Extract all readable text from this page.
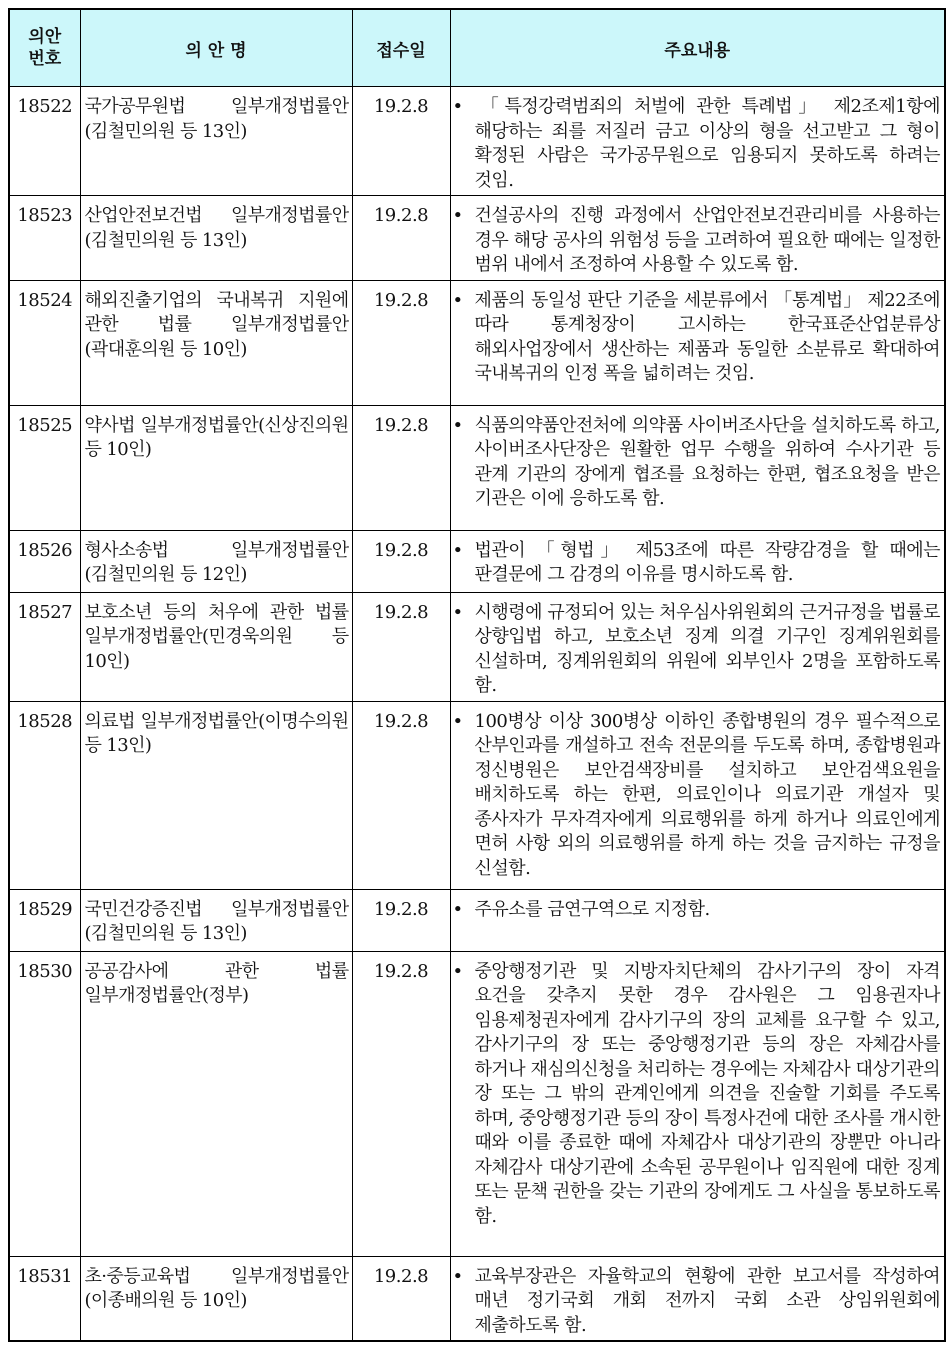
의안
번호	의 안 명	접수일	주요내용
18522	국가공무원법 일부개정법률안(김철민의원 등 13인)	19.2.8	• 「특정강력범죄의 처벌에 관한 특례법」 제2조제1항에 해당하는 죄를 저질러 금고 이상의 형을 선고받고 그 형이 확정된 사람은 국가공무원으로 임용되지 못하도록 하려는 것임.

18523	산업안전보건법 일부개정법률안(김철민의원 등 13인)	19.2.8	• 건설공사의 진행 과정에서 산업안전보건관리비를 사용하는 경우 해당 공사의 위험성 등을 고려하여 필요한 때에는 일정한 범위 내에서 조정하여 사용할 수 있도록 함.

18524	해외진출기업의 국내복귀 지원에 관한 법률 일부개정법률안(곽대훈의원 등 10인)	19.2.8	• 제품의 동일성 판단 기준을 세분류에서 「통계법」 제22조에 따라 통계청장이 고시하는 한국표준산업분류상 해외사업장에서 생산하는 제품과 동일한 소분류로 확대하여 국내복귀의 인정 폭을 넓히려는 것임.

18525	약사법 일부개정법률안(신상진의원 등 10인)	19.2.8	• 식품의약품안전처에 의약품 사이버조사단을 설치하도록 하고, 사이버조사단장은 원활한 업무 수행을 위하여 수사기관 등 관계 기관의 장에게 협조를 요청하는 한편, 협조요청을 받은 기관은 이에 응하도록 함.

18526	형사소송법 일부개정법률안(김철민의원 등 12인)	19.2.8	• 법관이 「형법」 제53조에 따른 작량감경을 할 때에는 판결문에 그 감경의 이유를 명시하도록 함.

18527	보호소년 등의 처우에 관한 법률 일부개정법률안(민경욱의원 등 10인)	19.2.8	• 시행령에 규정되어 있는 처우심사위원회의 근거규정을 법률로 상향입법 하고, 보호소년 징계 의결 기구인 징계위원회를 신설하며, 징계위원회의 위원에 외부인사 2명을 포함하도록 함.

18528	의료법 일부개정법률안(이명수의원 등 13인)	19.2.8	• 100병상 이상 300병상 이하인 종합병원의 경우 필수적으로 산부인과를 개설하고 전속 전문의를 두도록 하며, 종합병원과 정신병원은 보안검색장비를 설치하고 보안검색요원을 배치하도록 하는 한편, 의료인이나 의료기관 개설자 및 종사자가 무자격자에게 의료행위를 하게 하거나 의료인에게 면허 사항 외의 의료행위를 하게 하는 것을 금지하는 규정을 신설함.

18529	국민건강증진법 일부개정법률안(김철민의원 등 13인)	19.2.8	• 주유소를 금연구역으로 지정함.

18530	공공감사에 관한 법률 일부개정법률안(정부)	19.2.8	• 중앙행정기관 및 지방자치단체의 감사기구의 장이 자격 요건을 갖추지 못한 경우 감사원은 그 임용권자나 임용제청권자에게 감사기구의 장의 교체를 요구할 수 있고, 감사기구의 장 또는 중앙행정기관 등의 장은 자체감사를 하거나 재심의신청을 처리하는 경우에는 자체감사 대상기관의 장 또는 그 밖의 관계인에게 의견을 진술할 기회를 주도록 하며, 중앙행정기관 등의 장이 특정사건에 대한 조사를 개시한 때와 이를 종료한 때에 자체감사 대상기관의 장뿐만 아니라 자체감사 대상기관에 소속된 공무원이나 임직원에 대한 징계 또는 문책 권한을 갖는 기관의 장에게도 그 사실을 통보하도록 함.

18531	초·중등교육법 일부개정법률안(이종배의원 등 10인)	19.2.8	• 교육부장관은 자율학교의 현황에 관한 보고서를 작성하여 매년 정기국회 개회 전까지 국회 소관 상임위원회에 제출하도록 함.
